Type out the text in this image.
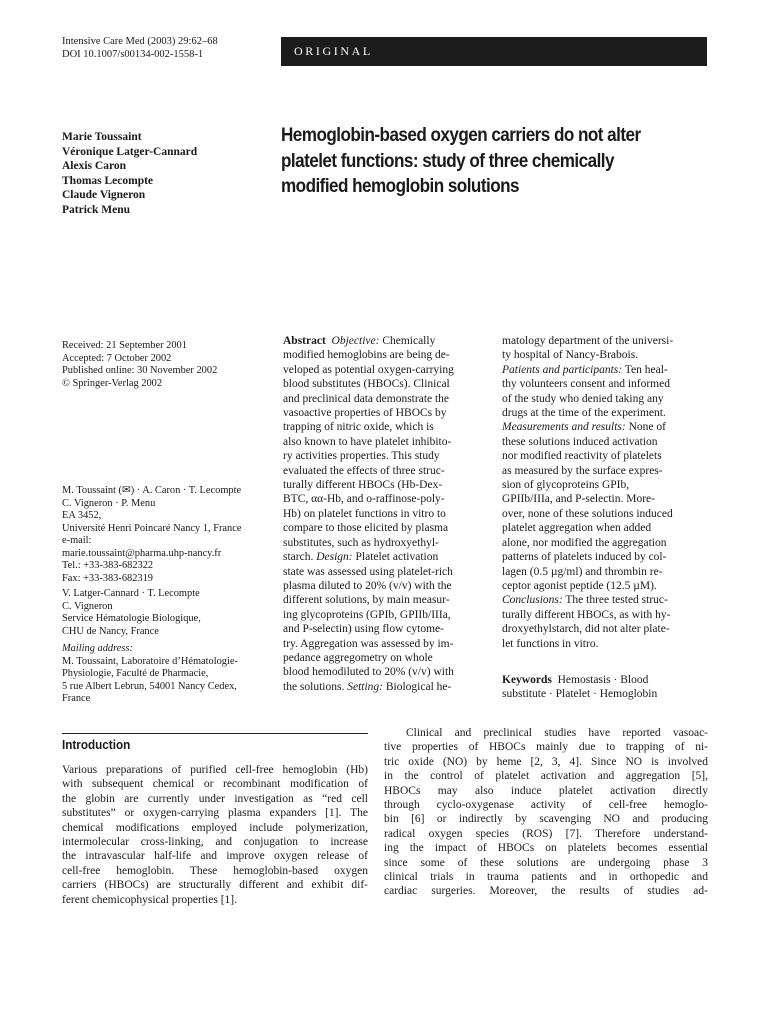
Intensive Care Med (2003) 29:62–68
DOI 10.1007/s00134-002-1558-1	ORIGINAL
Marie Toussaint
Véronique Latger-Cannard
Alexis Caron
Thomas Lecompte
Claude Vigneron
Patrick Menu
Hemoglobin-based oxygen carriers do not alter
platelet functions: study of three chemically
modified hemoglobin solutions
Received: 21 September 2001
Accepted: 7 October 2002
Published online: 30 November 2002
© Springer-Verlag 2002
M. Toussaint (✉) · A. Caron · T. Lecompte
C. Vigneron · P. Menu
EA 3452,
Université Henri Poincaré Nancy 1, France
e-mail:
marie.toussaint@pharma.uhp-nancy.fr
Tel.: +33-383-682322
Fax: +33-383-682319
V. Latger-Cannard · T. Lecompte
C. Vigneron
Service Hématologie Biologique,
CHU de Nancy, France
Mailing address:
M. Toussaint, Laboratoire d’Hématologie-
Physiologie, Faculté de Pharmacie,
5 rue Albert Lebrun, 54001 Nancy Cedex,
France
Abstract Objective: Chemically
modified hemoglobins are being de-
veloped as potential oxygen-carrying
blood substitutes (HBOCs). Clinical
and preclinical data demonstrate the
vasoactive properties of HBOCs by
trapping of nitric oxide, which is
also known to have platelet inhibito-
ry activities properties. This study
evaluated the effects of three struc-
turally different HBOCs (Hb-Dex-
BTC, αα-Hb, and o-raffinose-poly-
Hb) on platelet functions in vitro to
compare to those elicited by plasma
substitutes, such as hydroxyethyl-
starch. Design: Platelet activation
state was assessed using platelet-rich
plasma diluted to 20% (v/v) with the
different solutions, by main measur-
ing glycoproteins (GPIb, GPIIb/IIIa,
and P-selectin) using flow cytome-
try. Aggregation was assessed by im-
pedance aggregometry on whole
blood hemodiluted to 20% (v/v) with
the solutions. Setting: Biological he-
matology department of the universi-
ty hospital of Nancy-Brabois.
Patients and participants: Ten heal-
thy volunteers consent and informed
of the study who denied taking any
drugs at the time of the experiment.
Measurements and results: None of
these solutions induced activation
nor modified reactivity of platelets
as measured by the surface expres-
sion of glycoproteins GPIb,
GPIIb/IIIa, and P-selectin. More-
over, none of these solutions induced
platelet aggregation when added
alone, nor modified the aggregation
patterns of platelets induced by col-
lagen (0.5 µg/ml) and thrombin re-
ceptor agonist peptide (12.5 µM).
Conclusions: The three tested struc-
turally different HBOCs, as with hy-
droxyethylstarch, did not alter plate-
let functions in vitro.
Keywords Hemostasis · Blood
substitute · Platelet · Hemoglobin
Introduction
Various preparations of purified cell-free hemoglobin (Hb)
with subsequent chemical or recombinant modification of
the globin are currently under investigation as “red cell
substitutes” or oxygen-carrying plasma expanders [1]. The
chemical modifications employed include polymerization,
intermolecular cross-linking, and conjugation to increase
the intravascular half-life and improve oxygen release of
cell-free hemoglobin. These hemoglobin-based oxygen
carriers (HBOCs) are structurally different and exhibit dif-
ferent chemicophysical properties [1].
Clinical and preclinical studies have reported vasoac-
tive properties of HBOCs mainly due to trapping of ni-
tric oxide (NO) by heme [2, 3, 4]. Since NO is involved
in the control of platelet activation and aggregation [5],
HBOCs may also induce platelet activation directly
through cyclo-oxygenase activity of cell-free hemoglo-
bin [6] or indirectly by scavenging NO and producing
radical oxygen species (ROS) [7]. Therefore understand-
ing the impact of HBOCs on platelets becomes essential
since some of these solutions are undergoing phase 3
clinical trials in trauma patients and in orthopedic and
cardiac surgeries. Moreover, the results of studies ad-
